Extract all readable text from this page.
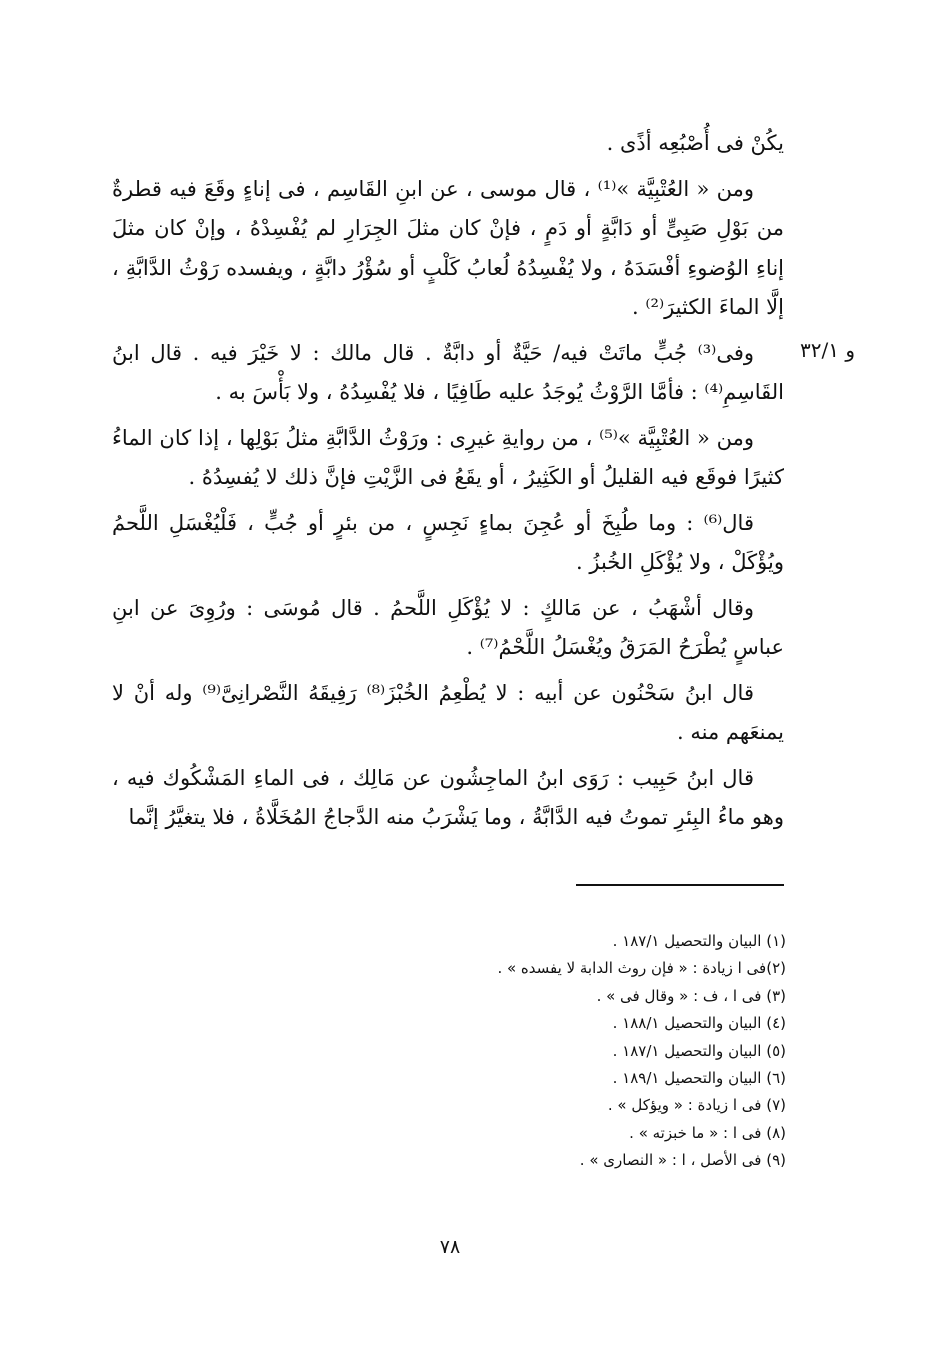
يكُنْ فى أُصْبُعِه أذًى .

ومن « العُتْبِيَّة »⁽¹⁾ ، قال موسى ، عن ابنِ القَاسِم ، فى إناءٍ وقَعَ فيه قطرةٌ من بَوْلِ صَبِىٍّ أو دَابَّةٍ أو دَمٍ ، فإنْ كان مثلَ الجِرَارِ لم يُفْسِدْهُ ، وإنْ كان مثلَ إناءِ الوُضوءِ أفْسَدَهُ ، ولا يُفْسِدُهُ لُعابُ كَلْبٍ أو سُؤْرُ دابَّةٍ ، ويفسده رَوْثُ الدَّابَّةِ ، إلَّا الماءَ الكثيرَ⁽²⁾ .

وفى⁽³⁾ جُبٍّ ماتَتْ فيه/ حَيَّةٌ أو دابَّةٌ . قال مالك : لا خَيْرَ فيه . قال ابنُ القَاسِمِ⁽⁴⁾ : فأمَّا الرَّوْثُ يُوجَدُ عليه طَافِيًا ، فلا يُفْسِدُهُ ، ولا بَأْسَ به .

ومن « العُتْبِيَّة »⁽⁵⁾ ، من روايةِ غيرِى : ورَوْثُ الدَّابَّةِ مثلُ بَوْلِها ، إذا كان الماءُ كثيرًا فوقَع فيه القليلُ أو الكَثِيرُ ، أو يقَعُ فى الزَّيْتِ فإنَّ ذلك لا يُفسِدُهُ .

قال⁽⁶⁾ : وما طُبِخَ أو عُجِنَ بماءٍ نَجِسٍ ، من بئرٍ أو جُبٍّ ، فَلْيُغْسَلِ اللَّحمُ ويُؤْكَلْ ، ولا يُؤْكَلِ الخُبزُ .

وقال أشْهَبُ ، عن مَالكٍ : لا يُؤْكَلِ اللَّحمُ . قال مُوسَى : ورُوِىَ عن ابنِ عباسٍ يُطْرَحُ المَرَقُ ويُغْسَلُ اللَّحْمُ⁽⁷⁾ .

قال ابنُ سَحْنُون عن أبيه : لا يُطْعِمُ الخُبْزَ⁽⁸⁾ رَفِيقَهُ النَّصْرانِىَّ⁽⁹⁾ وله أنْ لا يمنعَهم منه .

قال ابنُ حَبِيب : رَوَى ابنُ الماجِشُون عن مَالِك ، فى الماءِ المَشْكُوك فيه ، وهو ماءُ البِئرِ تموتُ فيه الدَّابَّةُ ، وما يَشْرَبُ منه الدَّجاجُ المُخَلَّاةُ ، فلا يتغيَّرُ إنَّما

و ٣٢/١
(١) البيان والتحصيل ١٨٧/١ .
(٢)فى ا زيادة : « فإن روث الدابة لا يفسده » .
(٣) فى ا ، ف : « وقال فى » .
(٤) البيان والتحصيل ١٨٨/١ .
(٥) البيان والتحصيل ١٨٧/١ .
(٦) البيان والتحصيل ١٨٩/١ .
(٧) فى ا زيادة : « ويؤكل » .
(٨) فى ا : « ما خبزته » .
(٩) فى الأصل ، ا : « النصارى » .
٧٨
